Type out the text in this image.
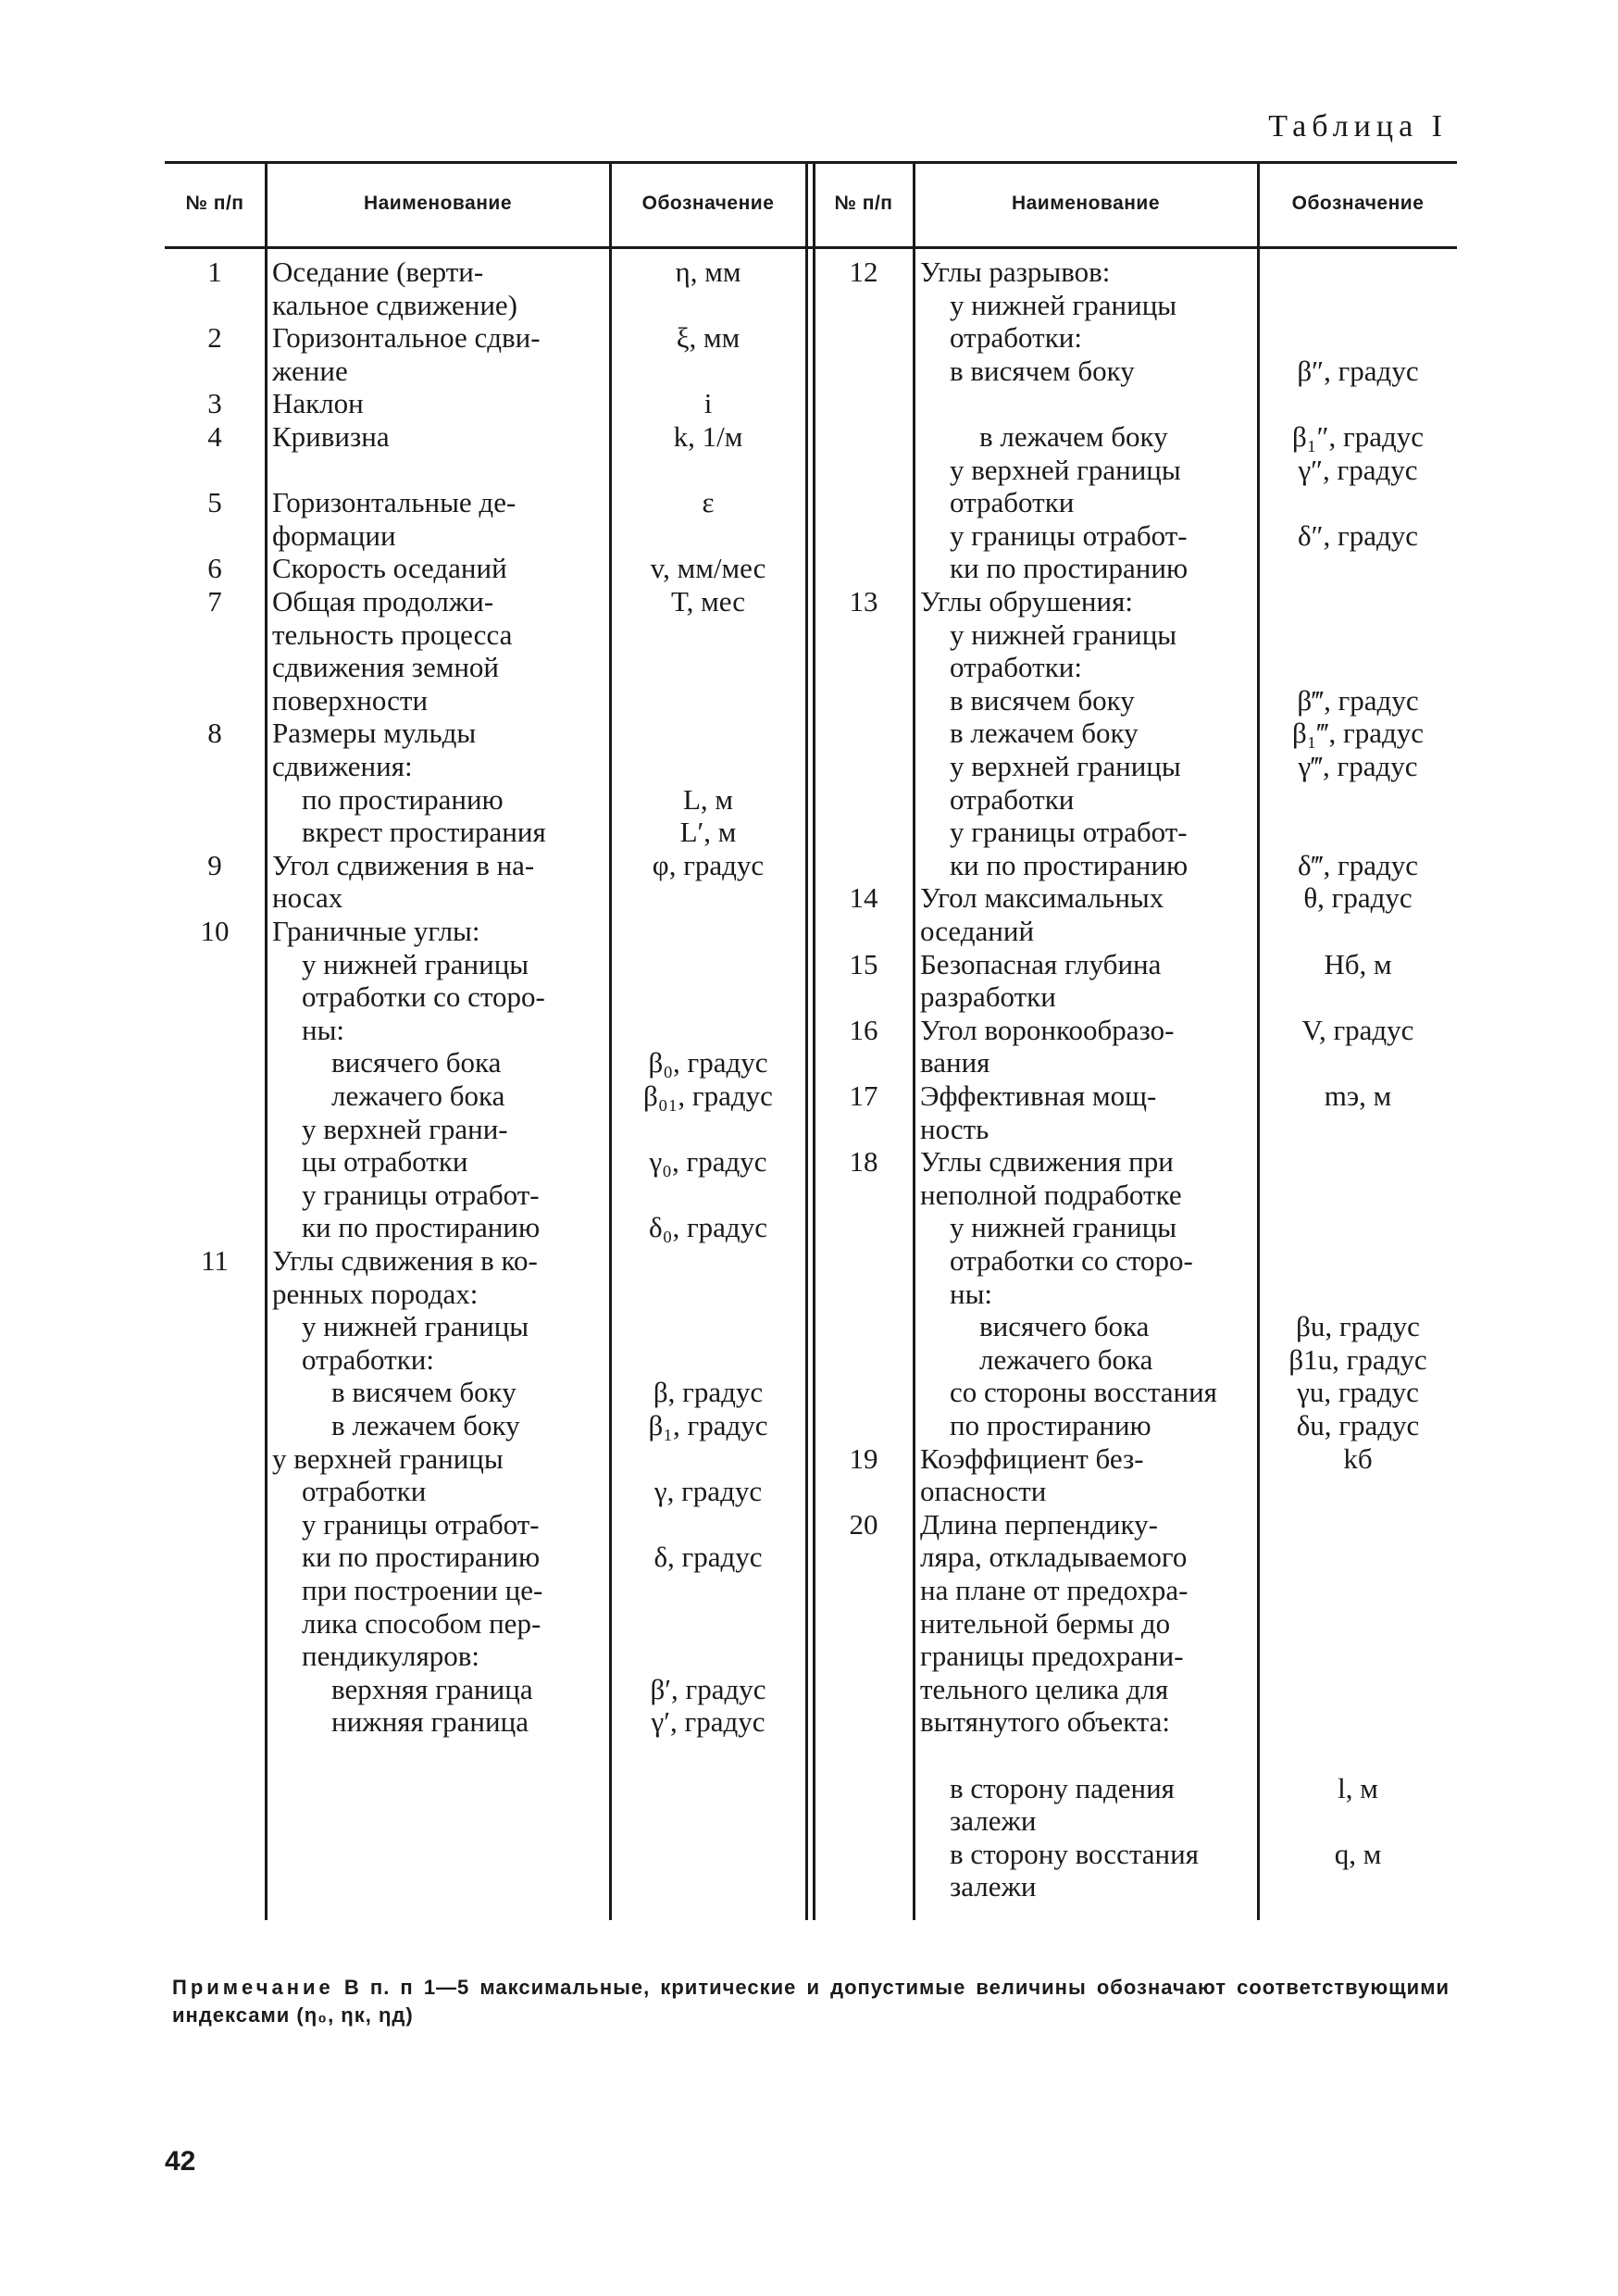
Таблица I
№ п/п	Наименование	Обозначение	№ п/п	Наименование	Обозначение
1	Оседание (верти-	η, мм
кальное сдвижение)
2	Горизонтальное сдви-	ξ, мм
жение
3	Наклон	i
4	Кривизна	k, 1/м
5	Горизонтальные де-	ε
формации
6	Скорость оседаний	v, мм/мес
7	Общая продолжи-	T, мес
тельность процесса
сдвижения земной
поверхности
8	Размеры мульды
сдвижения:
по простиранию	L, м
вкрест простирания	L′, м
9	Угол сдвижения в на-	φ, градус
носах
10	Граничные углы:
у нижней границы
отработки со сторо-
ны:
висячего бока	β₀, градус
лежачего бока	β₀₁, градус
у верхней грани-
цы отработки	γ₀, градус
у границы отработ-
ки по простиранию	δ₀, градус
11	Углы сдвижения в ко-
ренных породах:
у нижней границы
отработки:
в висячем боку	β, градус
в лежачем боку	β₁, градус
у верхней границы
отработки	γ, градус
у границы отработ-
ки по простиранию	δ, градус
при построении це-
лика способом пер-
пендикуляров:
верхняя граница	β′, градус
нижняя граница	γ′, градус
12	Углы разрывов:
у нижней границы
отработки:
в висячем боку	β″, градус
в лежачем боку	β₁″, градус
у верхней границы	γ″, градус
отработки
у границы отработ-	δ″, градус
ки по простиранию
13	Углы обрушения:
у нижней границы
отработки:
в висячем боку	β‴, градус
в лежачем боку	β₁‴, градус
у верхней границы	γ‴, градус
отработки
у границы отработ-
ки по простиранию	δ‴, градус
14	Угол максимальных	θ, градус
оседаний
15	Безопасная глубина	Hб, м
разработки
16	Угол воронкообразо-	V, градус
вания
17	Эффективная мощ-	mэ, м
ность
18	Углы сдвижения при
неполной подработке
у нижней границы
отработки со сторо-
ны:
висячего бока	βu, градус
лежачего бока	β1u, градус
со стороны восстания	γu, градус
по простиранию	δu, градус
19	Коэффициент без-	kб
опасности
20	Длина перпендику-
ляра, откладываемого
на плане от предохра-
нительной бермы до
границы предохрани-
тельного целика для
вытянутого объекта:
в сторону падения	l, м
залежи
в сторону восстания	q, м
залежи
Примечание В п. п 1—5 максимальные, критические и допустимые величины обозначают соответствующими индексами (η₀, ηк, ηд)
42
